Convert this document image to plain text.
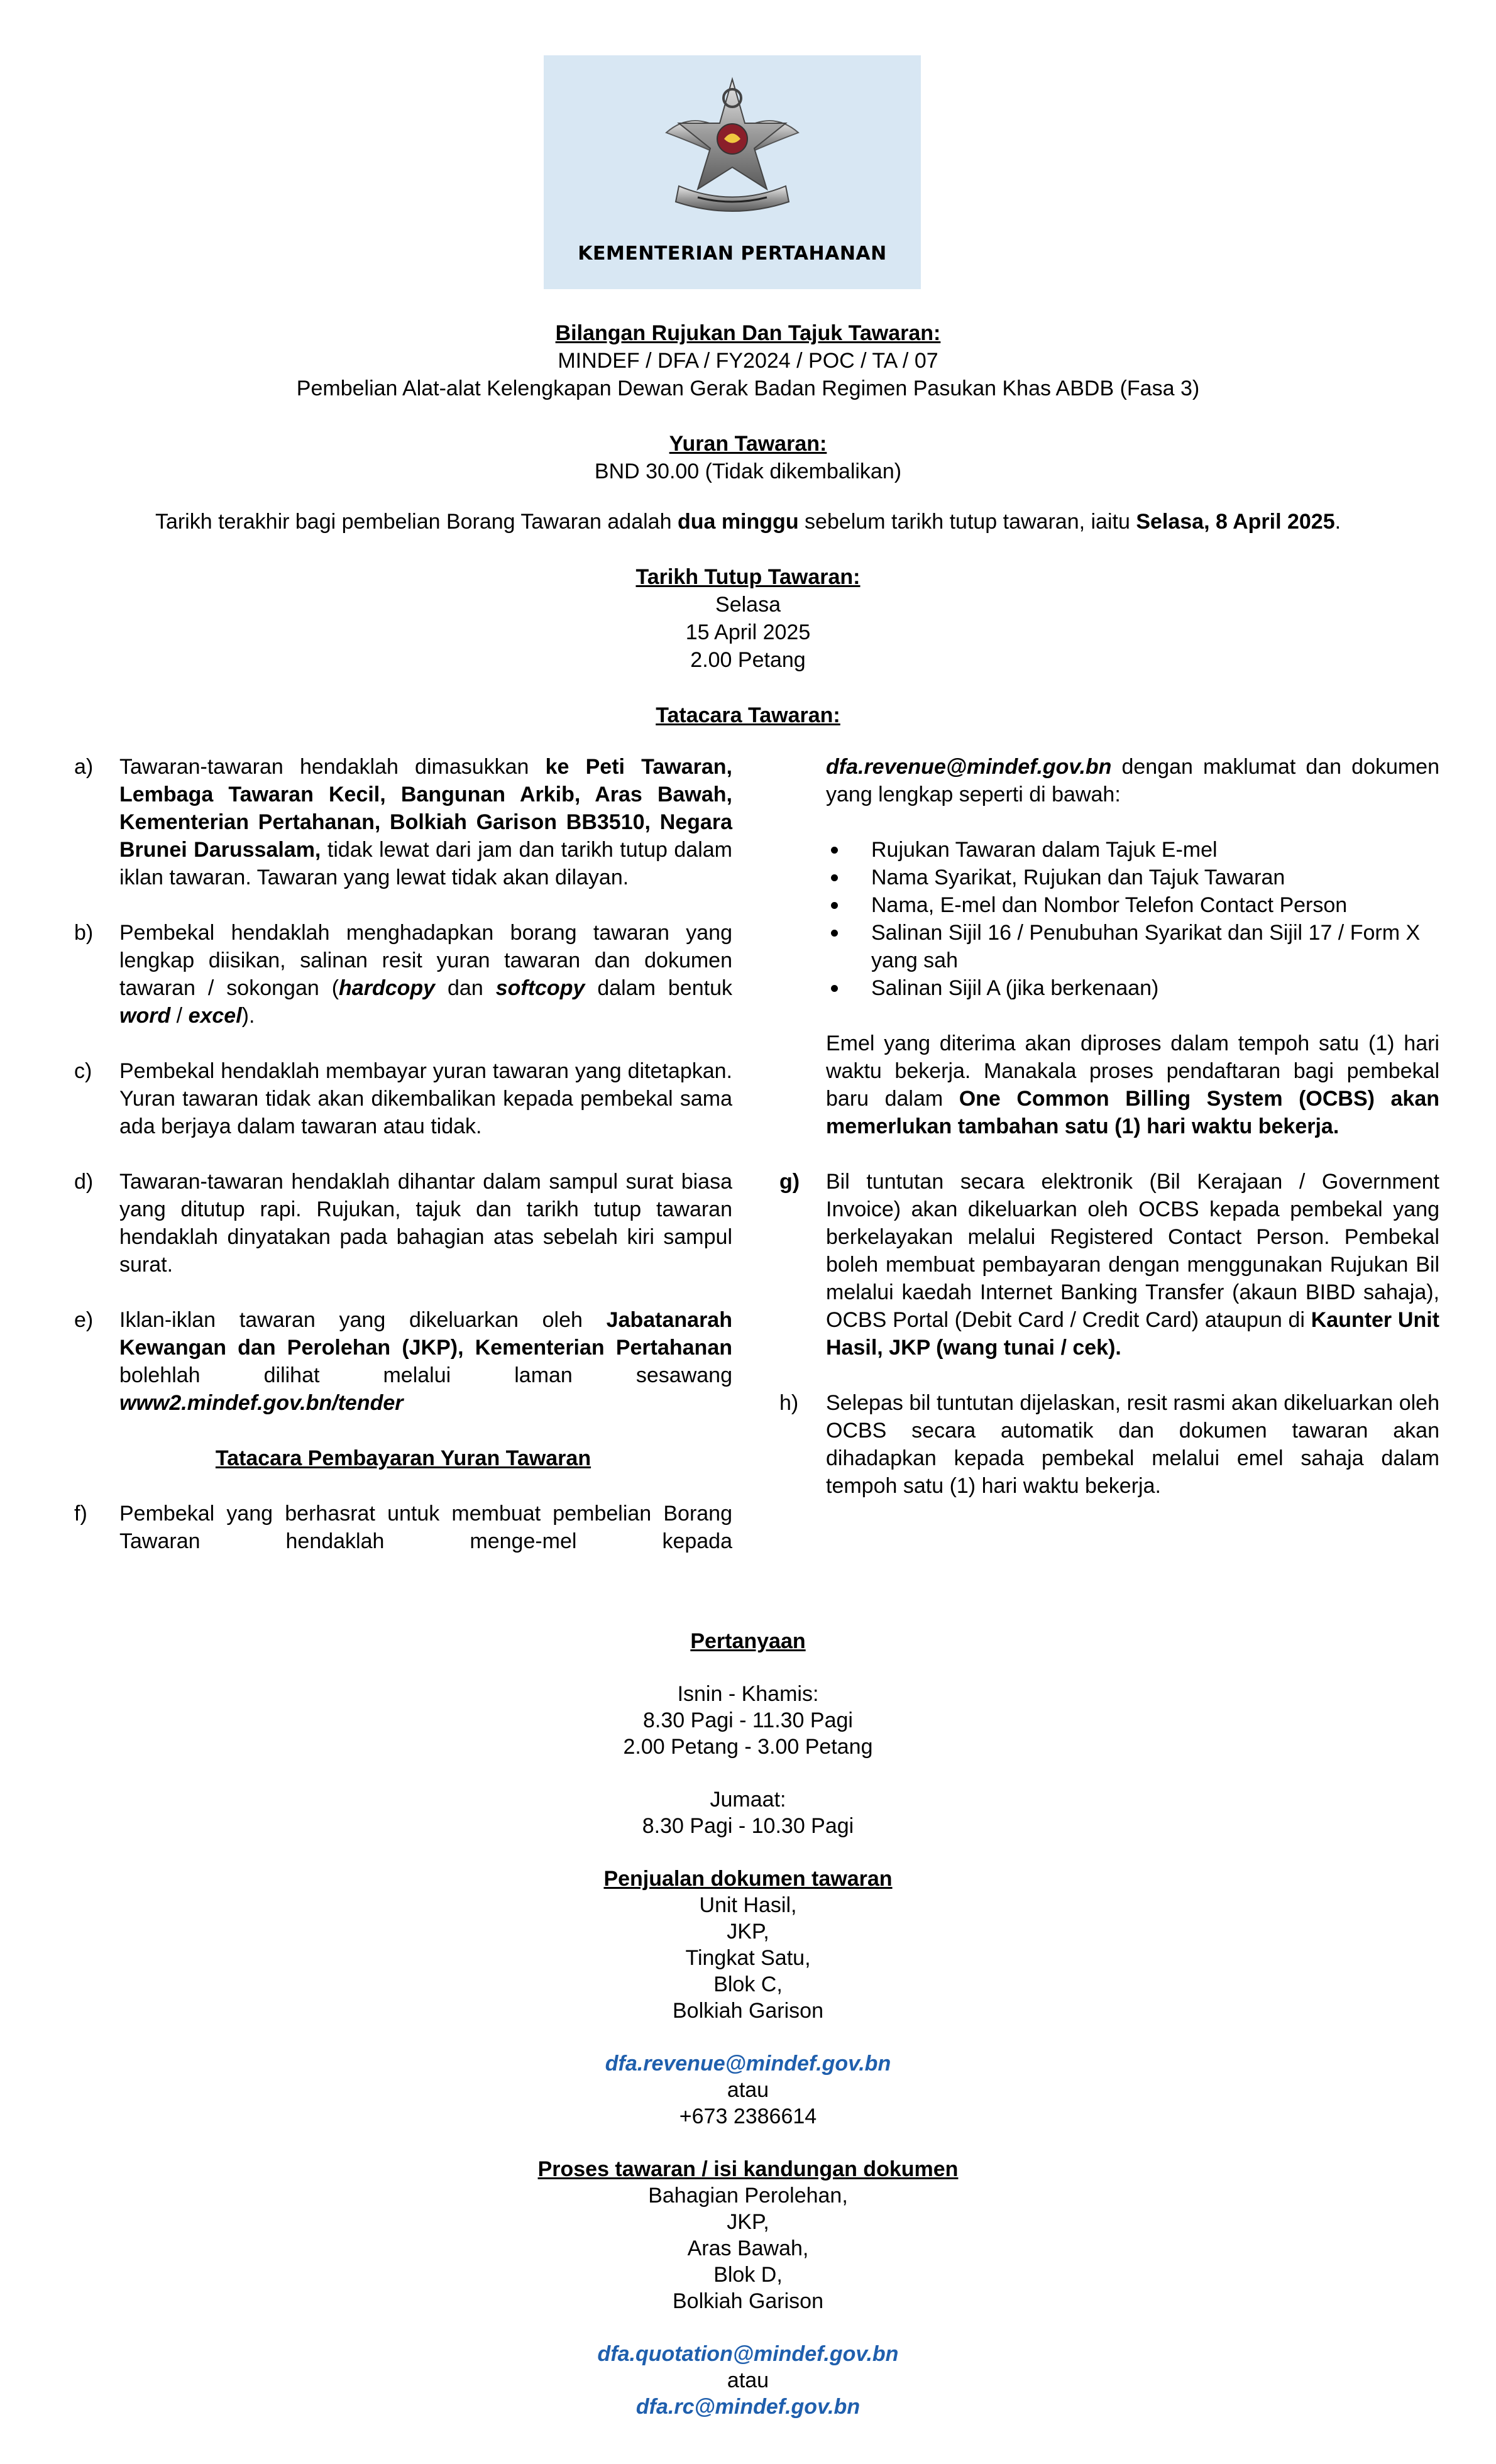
KEMENTERIAN PERTAHANAN
Bilangan Rujukan Dan Tajuk Tawaran:
MINDEF / DFA / FY2024 / POC / TA / 07
Pembelian Alat-alat Kelengkapan Dewan Gerak Badan Regimen Pasukan Khas ABDB (Fasa 3)
Yuran Tawaran:
BND 30.00 (Tidak dikembalikan)
Tarikh terakhir bagi pembelian Borang Tawaran adalah dua minggu sebelum tarikh tutup tawaran, iaitu Selasa, 8 April 2025.
Tarikh Tutup Tawaran:
Selasa
15 April 2025
2.00 Petang
Tatacara Tawaran:
a) Tawaran-tawaran hendaklah dimasukkan ke Peti Tawaran, Lembaga Tawaran Kecil, Bangunan Arkib, Aras Bawah, Kementerian Pertahanan, Bolkiah Garison BB3510, Negara Brunei Darussalam, tidak lewat dari jam dan tarikh tutup dalam iklan tawaran. Tawaran yang lewat tidak akan dilayan.
b) Pembekal hendaklah menghadapkan borang tawaran yang lengkap diisikan, salinan resit yuran tawaran dan dokumen tawaran / sokongan (hardcopy dan softcopy dalam bentuk word / excel).
c) Pembekal hendaklah membayar yuran tawaran yang ditetapkan. Yuran tawaran tidak akan dikembalikan kepada pembekal sama ada berjaya dalam tawaran atau tidak.
d) Tawaran-tawaran hendaklah dihantar dalam sampul surat biasa yang ditutup rapi. Rujukan, tajuk dan tarikh tutup tawaran hendaklah dinyatakan pada bahagian atas sebelah kiri sampul surat.
e) Iklan-iklan tawaran yang dikeluarkan oleh Jabatanarah Kewangan dan Perolehan (JKP), Kementerian Pertahanan bolehlah dilihat melalui laman sesawang www2.mindef.gov.bn/tender
Tatacara Pembayaran Yuran Tawaran
f) Pembekal yang berhasrat untuk membuat pembelian Borang Tawaran hendaklah menge-mel kepada
dfa.revenue@mindef.gov.bn dengan maklumat dan dokumen yang lengkap seperti di bawah:
Rujukan Tawaran dalam Tajuk E-mel
Nama Syarikat, Rujukan dan Tajuk Tawaran
Nama, E-mel dan Nombor Telefon Contact Person
Salinan Sijil 16 / Penubuhan Syarikat dan Sijil 17 / Form X yang sah
Salinan Sijil A (jika berkenaan)
Emel yang diterima akan diproses dalam tempoh satu (1) hari waktu bekerja. Manakala proses pendaftaran bagi pembekal baru dalam One Common Billing System (OCBS) akan memerlukan tambahan satu (1) hari waktu bekerja.
g) Bil tuntutan secara elektronik (Bil Kerajaan / Government Invoice) akan dikeluarkan oleh OCBS kepada pembekal yang berkelayakan melalui Registered Contact Person. Pembekal boleh membuat pembayaran dengan menggunakan Rujukan Bil melalui kaedah Internet Banking Transfer (akaun BIBD sahaja), OCBS Portal (Debit Card / Credit Card) ataupun di Kaunter Unit Hasil, JKP (wang tunai / cek).
h) Selepas bil tuntutan dijelaskan, resit rasmi akan dikeluarkan oleh OCBS secara automatik dan dokumen tawaran akan dihadapkan kepada pembekal melalui emel sahaja dalam tempoh satu (1) hari waktu bekerja.
Pertanyaan
Isnin - Khamis:
8.30 Pagi - 11.30 Pagi
2.00 Petang - 3.00 Petang
Jumaat:
8.30 Pagi - 10.30 Pagi
Penjualan dokumen tawaran
Unit Hasil,
JKP,
Tingkat Satu,
Blok C,
Bolkiah Garison
dfa.revenue@mindef.gov.bn
atau
+673 2386614
Proses tawaran / isi kandungan dokumen
Bahagian Perolehan,
JKP,
Aras Bawah,
Blok D,
Bolkiah Garison
dfa.quotation@mindef.gov.bn
atau
dfa.rc@mindef.gov.bn
